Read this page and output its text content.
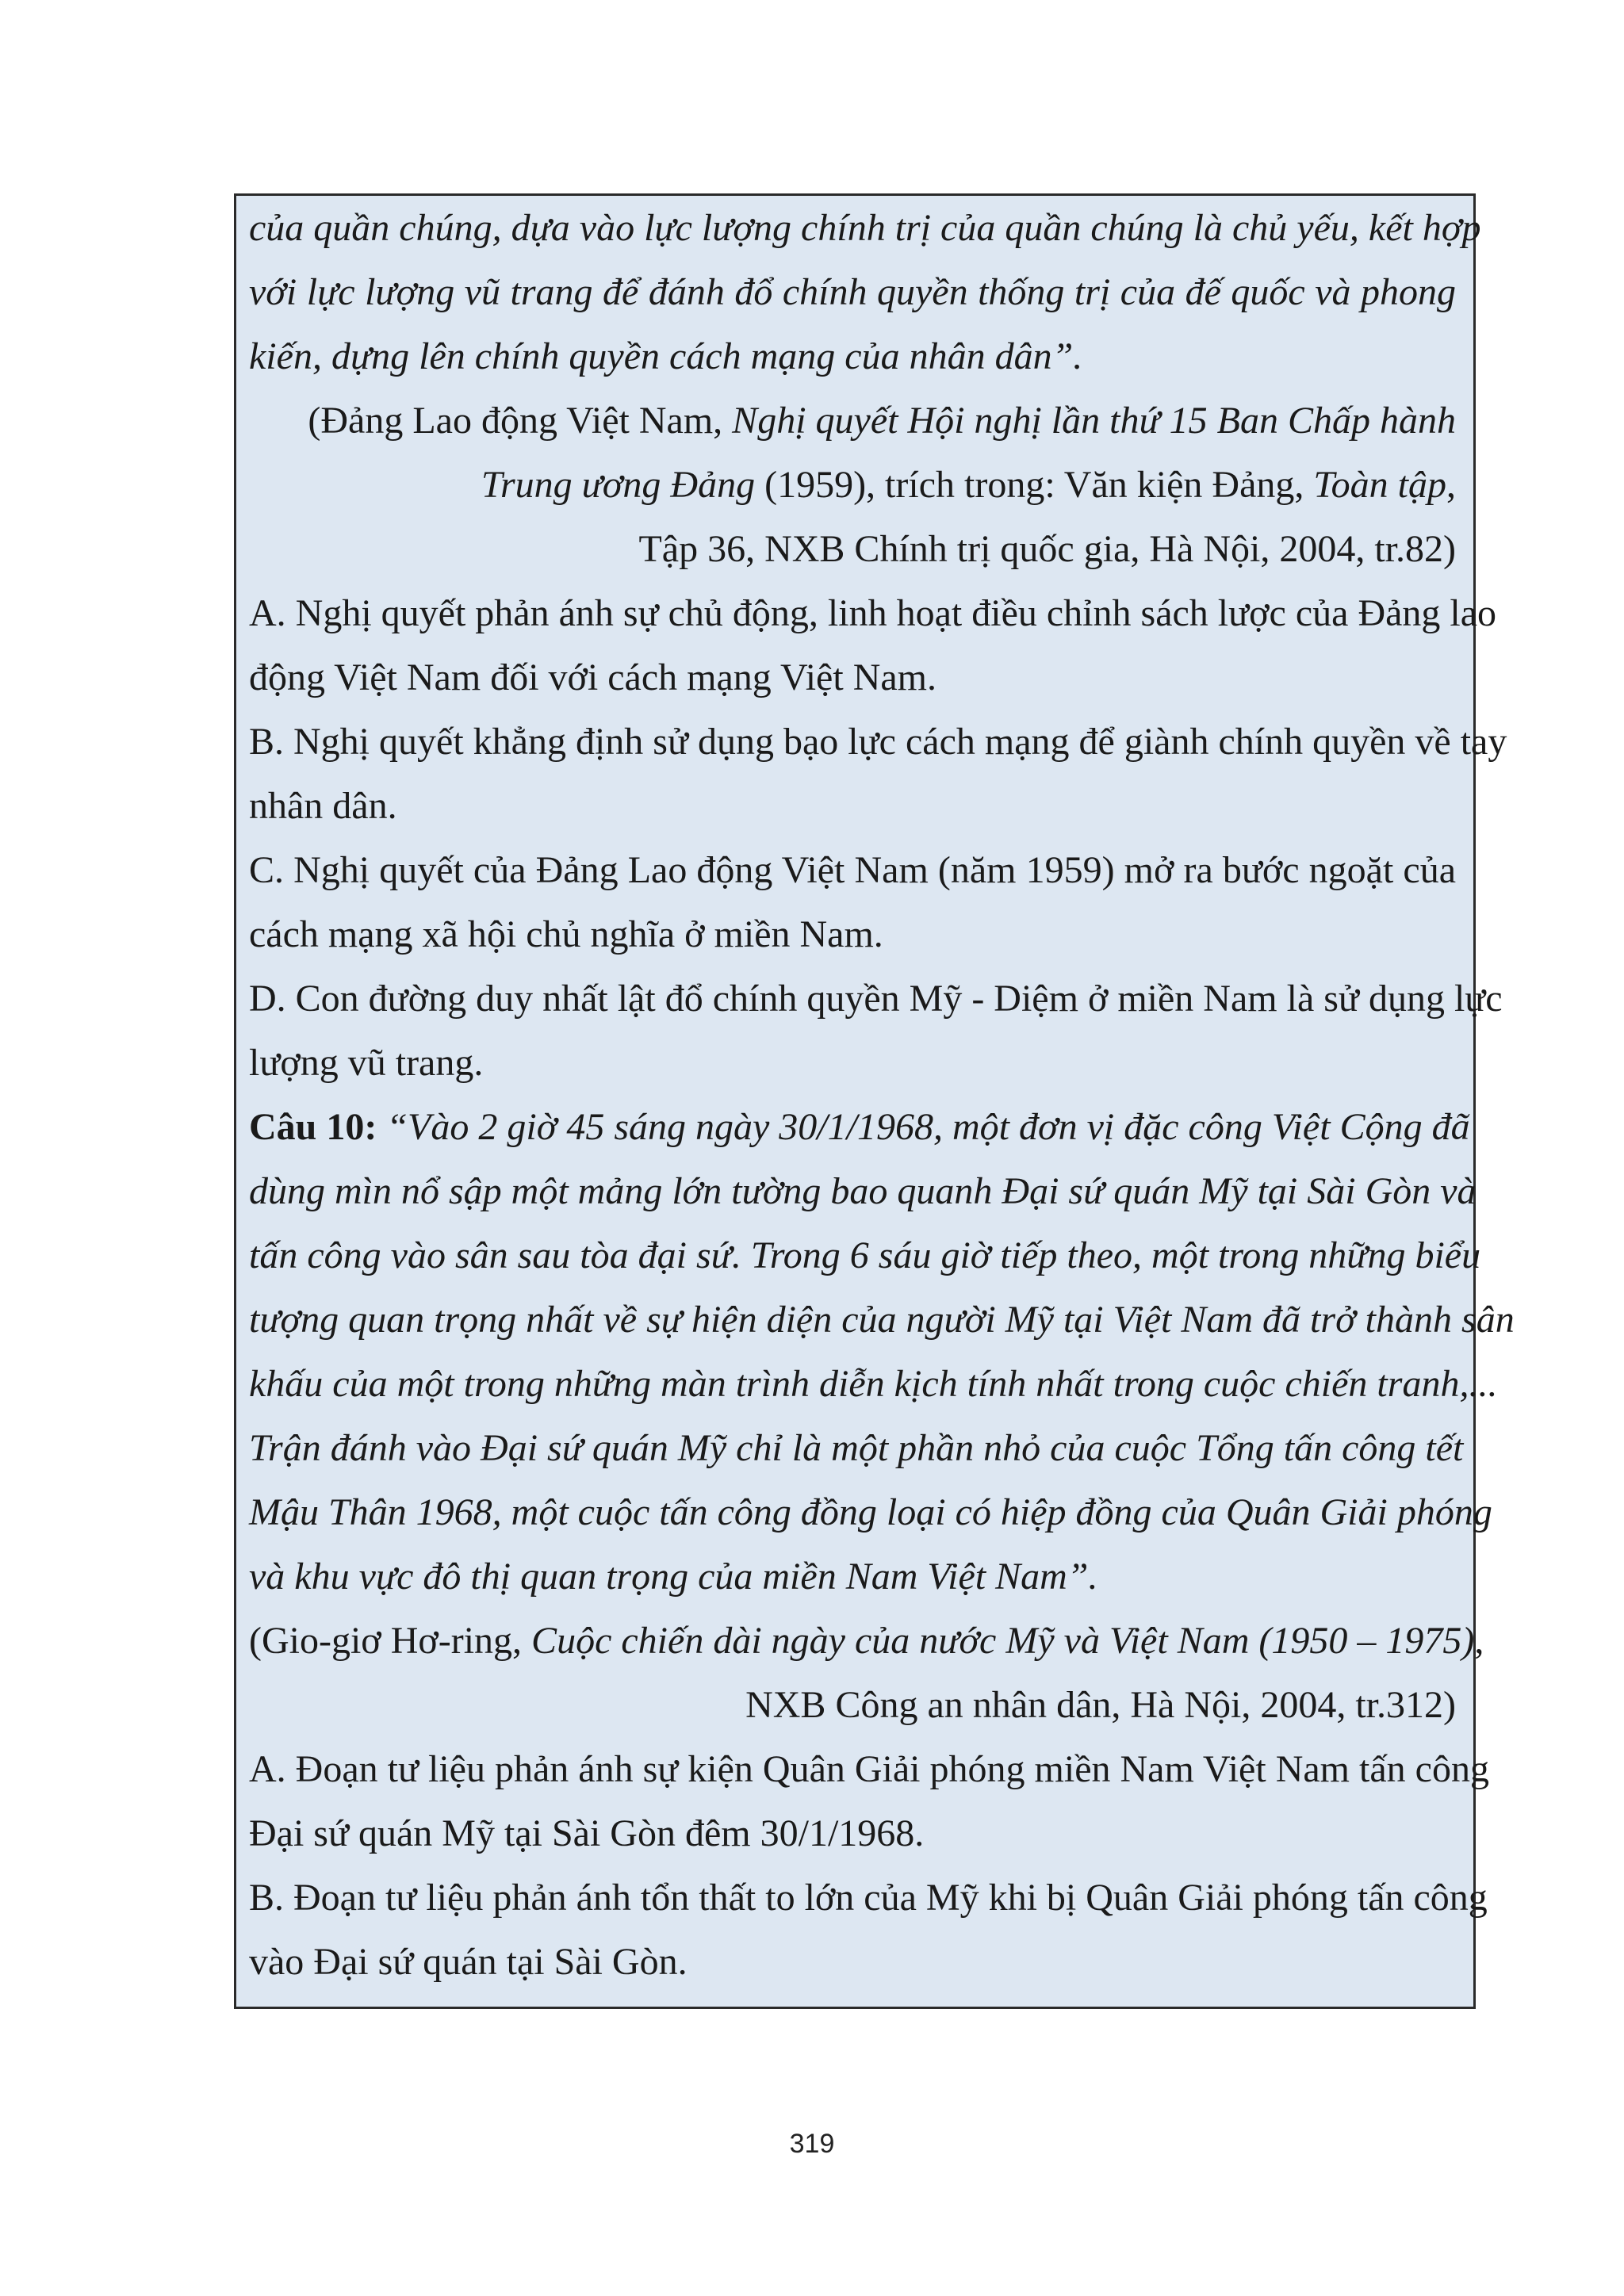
của quần chúng, dựa vào lực lượng chính trị của quần chúng là chủ yếu, kết hợp
với lực lượng vũ trang để đánh đổ chính quyền thống trị của đế quốc và phong
kiến, dựng lên chính quyền cách mạng của nhân dân”.
(Đảng Lao động Việt Nam, Nghị quyết Hội nghị lần thứ 15 Ban Chấp hành
Trung ương Đảng (1959), trích trong: Văn kiện Đảng, Toàn tập,
Tập 36, NXB Chính trị quốc gia, Hà Nội, 2004, tr.82)
A. Nghị quyết phản ánh sự chủ động, linh hoạt điều chỉnh sách lược của Đảng lao
động Việt Nam đối với cách mạng Việt Nam.
B. Nghị quyết khẳng định sử dụng bạo lực cách mạng để giành chính quyền về tay
nhân dân.
C. Nghị quyết của Đảng Lao động Việt Nam (năm 1959) mở ra bước ngoặt của
cách mạng xã hội chủ nghĩa ở miền Nam.
D. Con đường duy nhất lật đổ chính quyền Mỹ - Diệm ở miền Nam là sử dụng lực
lượng vũ trang.
Câu 10: “Vào 2 giờ 45 sáng ngày 30/1/1968, một đơn vị đặc công Việt Cộng đã
dùng mìn nổ sập một mảng lớn tường bao quanh Đại sứ quán Mỹ tại Sài Gòn và
tấn công vào sân sau tòa đại sứ. Trong 6 sáu giờ tiếp theo, một trong những biểu
tượng quan trọng nhất về sự hiện diện của người Mỹ tại Việt Nam đã trở thành sân
khấu của một trong những màn trình diễn kịch tính nhất trong cuộc chiến tranh,...
Trận đánh vào Đại sứ quán Mỹ chỉ là một phần nhỏ của cuộc Tổng tấn công tết
Mậu Thân 1968, một cuộc tấn công đồng loại có hiệp đồng của Quân Giải phóng
và khu vực đô thị quan trọng của miền Nam Việt Nam”.
(Gio-giơ Hơ-ring, Cuộc chiến dài ngày của nước Mỹ và Việt Nam (1950 – 1975),
NXB Công an nhân dân, Hà Nội, 2004, tr.312)
A. Đoạn tư liệu phản ánh sự kiện Quân Giải phóng miền Nam Việt Nam tấn công
Đại sứ quán Mỹ tại Sài Gòn đêm 30/1/1968.
B. Đoạn tư liệu phản ánh tổn thất to lớn của Mỹ khi bị Quân Giải phóng tấn công
vào Đại sứ quán tại Sài Gòn.
319
